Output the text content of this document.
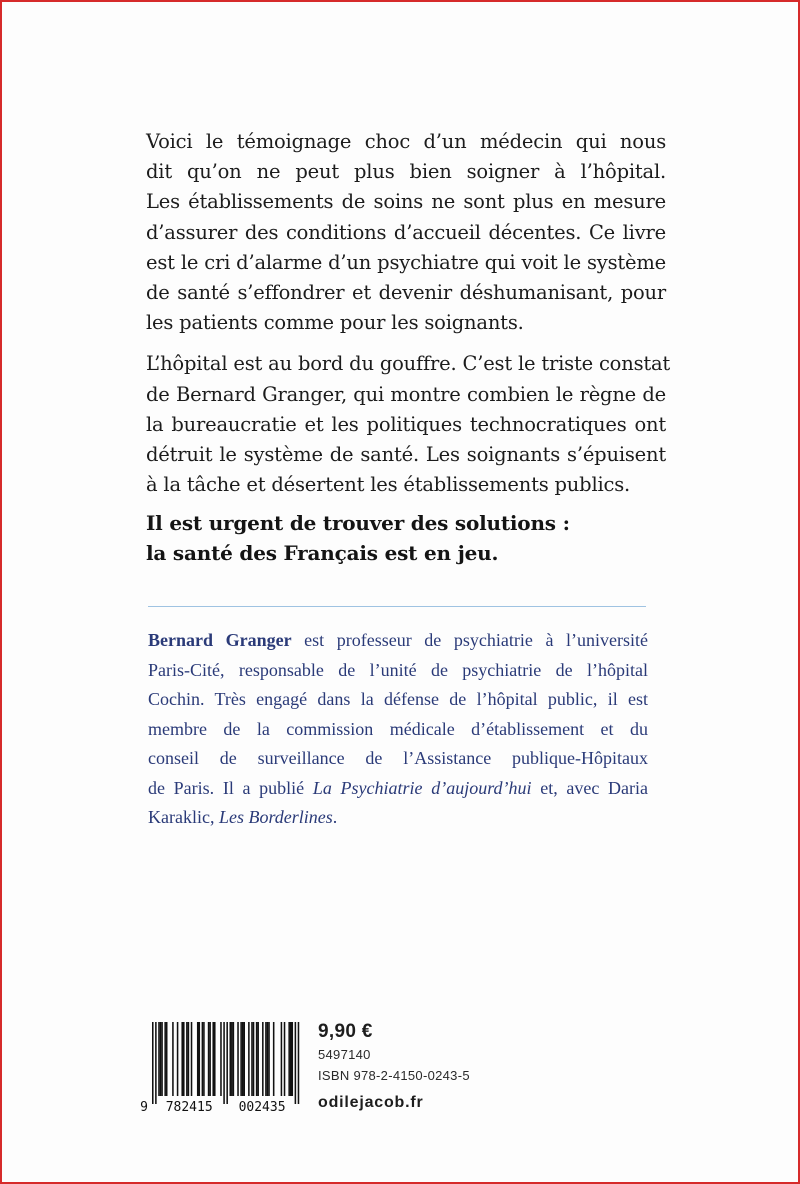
Voici le témoignage choc d’un médecin qui nous
dit qu’on ne peut plus bien soigner à l’hôpital.
Les établissements de soins ne sont plus en mesure
d’assurer des conditions d’accueil décentes. Ce livre
est le cri d’alarme d’un psychiatre qui voit le système
de santé s’effondrer et devenir déshumanisant, pour
les patients comme pour les soignants.

L’hôpital est au bord du gouffre. C’est le triste constat
de Bernard Granger, qui montre combien le règne de
la bureaucratie et les politiques technocratiques ont
détruit le système de santé. Les soignants s’épuisent
à la tâche et désertent les établissements publics.

Il est urgent de trouver des solutions :
la santé des Français est en jeu.
Bernard Granger est professeur de psychiatrie à l’université
Paris-Cité, responsable de l’unité de psychiatrie de l’hôpital
Cochin. Très engagé dans la défense de l’hôpital public, il est
membre de la commission médicale d’établissement et du
conseil de surveillance de l’Assistance publique-Hôpitaux
de Paris. Il a publié La Psychiatrie d’aujourd’hui et, avec Daria
Karaklic, Les Borderlines.
9 782415 002435
9,90 €
5497140
ISBN 978-2-4150-0243-5
odilejacob.fr
